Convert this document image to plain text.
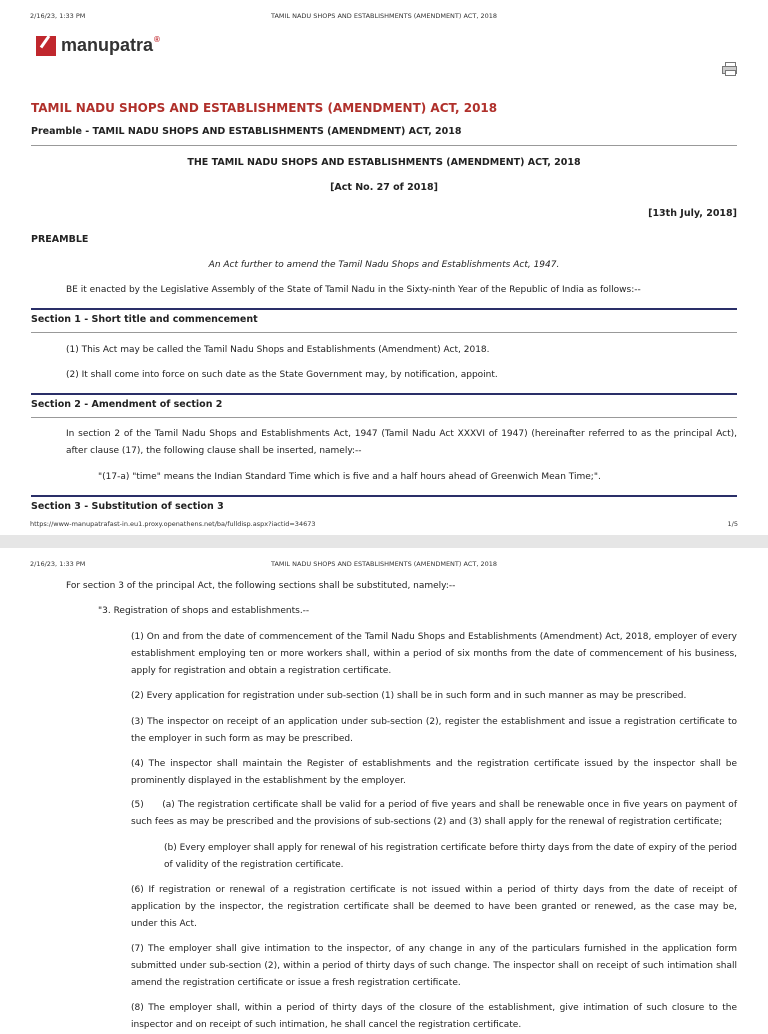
2/16/23, 1:33 PM	TAMIL NADU SHOPS AND ESTABLISHMENTS (AMENDMENT) ACT, 2018
manupatra®
TAMIL NADU SHOPS AND ESTABLISHMENTS (AMENDMENT) ACT, 2018
Preamble - TAMIL NADU SHOPS AND ESTABLISHMENTS (AMENDMENT) ACT, 2018
THE TAMIL NADU SHOPS AND ESTABLISHMENTS (AMENDMENT) ACT, 2018
[Act No. 27 of 2018]
[13th July, 2018]
PREAMBLE
An Act further to amend the Tamil Nadu Shops and Establishments Act, 1947.
BE it enacted by the Legislative Assembly of the State of Tamil Nadu in the Sixty-ninth Year of the Republic of India as follows:--
Section 1 - Short title and commencement
(1) This Act may be called the Tamil Nadu Shops and Establishments (Amendment) Act, 2018.
(2) It shall come into force on such date as the State Government may, by notification, appoint.
Section 2 - Amendment of section 2
In section 2 of the Tamil Nadu Shops and Establishments Act, 1947 (Tamil Nadu Act XXXVI of 1947) (hereinafter referred to as the principal Act), after clause (17), the following clause shall be inserted, namely:--
"(17-a) "time" means the Indian Standard Time which is five and a half hours ahead of Greenwich Mean Time;".
Section 3 - Substitution of section 3
https://www-manupatrafast-in.eu1.proxy.openathens.net/ba/fulldisp.aspx?iactid=34673	1/5
2/16/23, 1:33 PM	TAMIL NADU SHOPS AND ESTABLISHMENTS (AMENDMENT) ACT, 2018
For section 3 of the principal Act, the following sections shall be substituted, namely:--
"3. Registration of shops and establishments.--
(1) On and from the date of commencement of the Tamil Nadu Shops and Establishments (Amendment) Act, 2018, employer of every establishment employing ten or more workers shall, within a period of six months from the date of commencement of his business, apply for registration and obtain a registration certificate.
(2) Every application for registration under sub-section (1) shall be in such form and in such manner as may be prescribed.
(3) The inspector on receipt of an application under sub-section (2), register the establishment and issue a registration certificate to the employer in such form as may be prescribed.
(4) The inspector shall maintain the Register of establishments and the registration certificate issued by the inspector shall be prominently displayed in the establishment by the employer.
(5)      (a) The registration certificate shall be valid for a period of five years and shall be renewable once in five years on payment of such fees as may be prescribed and the provisions of sub-sections (2) and (3) shall apply for the renewal of registration certificate;
(b) Every employer shall apply for renewal of his registration certificate before thirty days from the date of expiry of the period of validity of the registration certificate.
(6) If registration or renewal of a registration certificate is not issued within a period of thirty days from the date of receipt of application by the inspector, the registration certificate shall be deemed to have been granted or renewed, as the case may be, under this Act.
(7) The employer shall give intimation to the inspector, of any change in any of the particulars furnished in the application form submitted under sub-section (2), within a period of thirty days of such change. The inspector shall on receipt of such intimation shall amend the registration certificate or issue a fresh registration certificate.
(8) The employer shall, within a period of thirty days of the closure of the establishment, give intimation of such closure to the inspector and on receipt of such intimation, he shall cancel the registration certificate.
